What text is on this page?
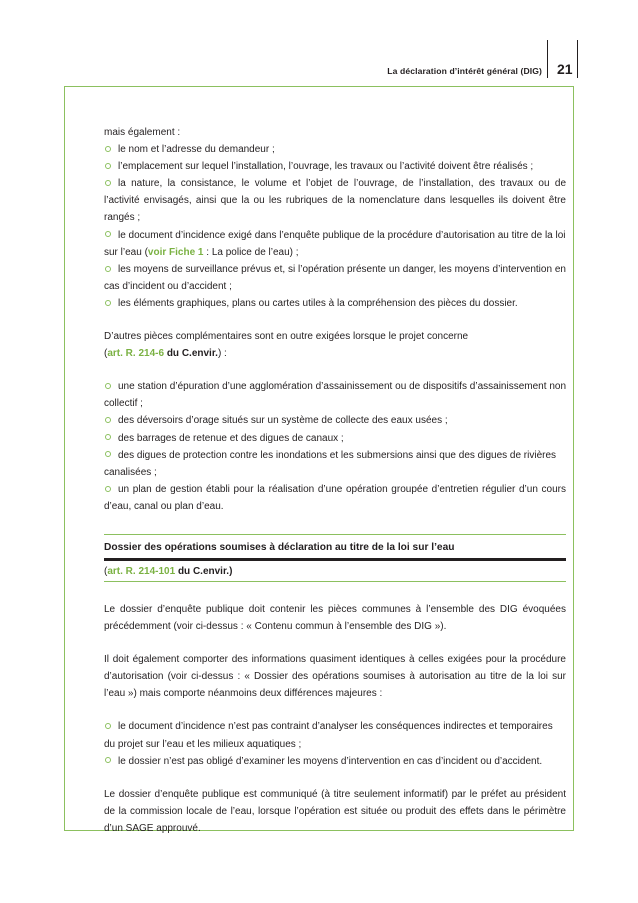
La déclaration d’intérêt général (DIG) 21

mais également :

le nom et l’adresse du demandeur ;

l’emplacement sur lequel l’installation, l’ouvrage, les travaux ou l’activité doivent être réalisés ;

la nature, la consistance, le volume et l’objet de l’ouvrage, de l’installation, des travaux ou de l’activité envisagés, ainsi que la ou les rubriques de la nomenclature dans lesquelles ils doivent être rangés ;

le document d’incidence exigé dans l’enquête publique de la procédure d’autorisation au titre de la loi sur l’eau (voir Fiche 1 : La police de l’eau) ;

les moyens de surveillance prévus et, si l’opération présente un danger, les moyens d’intervention en cas d’incident ou d’accident ;

les éléments graphiques, plans ou cartes utiles à la compréhension des pièces du dossier.

D’autres pièces complémentaires sont en outre exigées lorsque le projet concerne
(art. R. 214-6 du C.envir.) :

une station d’épuration d’une agglomération d’assainissement ou de dispositifs d’assainissement non collectif ;

des déversoirs d’orage situés sur un système de collecte des eaux usées ;

des barrages de retenue et des digues de canaux ;

des digues de protection contre les inondations et les submersions ainsi que des digues de rivières canalisées ;

un plan de gestion établi pour la réalisation d’une opération groupée d’entretien régulier d’un cours d’eau, canal ou plan d’eau.

Dossier des opérations soumises à déclaration au titre de la loi sur l’eau
(art. R. 214-101 du C.envir.)

Le dossier d’enquête publique doit contenir les pièces communes à l’ensemble des DIG évoquées précédemment (voir ci-dessus : « Contenu commun à l’ensemble des DIG »).

Il doit également comporter des informations quasiment identiques à celles exigées pour la procédure d’autorisation (voir ci-dessus : « Dossier des opérations soumises à autorisation au titre de la loi sur l’eau ») mais comporte néanmoins deux différences majeures :

le document d’incidence n’est pas contraint d’analyser les conséquences indirectes et temporaires du projet sur l’eau et les milieux aquatiques ;

le dossier n’est pas obligé d’examiner les moyens d’intervention en cas d’incident ou d’accident.

Le dossier d’enquête publique est communiqué (à titre seulement informatif) par le préfet au président de la commission locale de l’eau, lorsque l’opération est située ou produit des effets dans le périmètre d’un SAGE approuvé.
